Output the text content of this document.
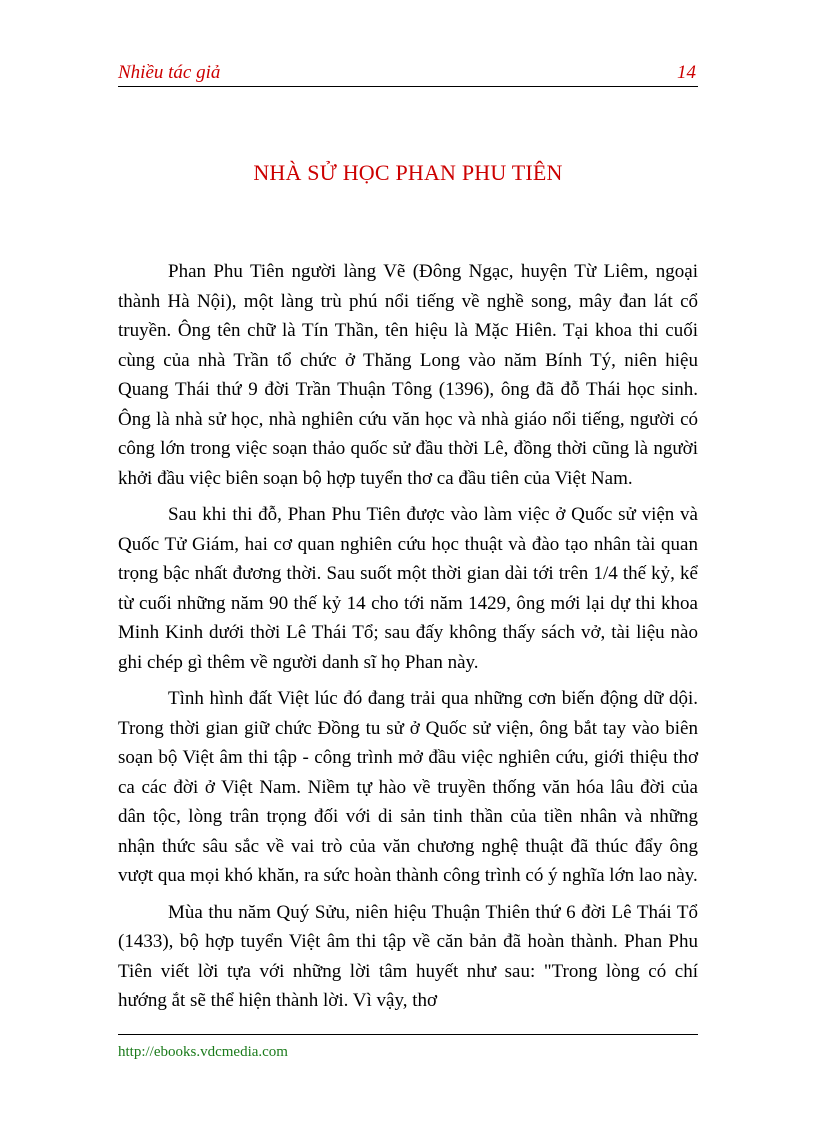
Nhiều tác giả	14
NHÀ SỬ HỌC PHAN PHU TIÊN

Phan Phu Tiên người làng Vẽ (Đông Ngạc, huyện Từ Liêm, ngoại thành Hà Nội), một làng trù phú nổi tiếng về nghề song, mây đan lát cổ truyền. Ông tên chữ là Tín Thần, tên hiệu là Mặc Hiên. Tại khoa thi cuối cùng của nhà Trần tổ chức ở Thăng Long vào năm Bính Tý, niên hiệu Quang Thái thứ 9 đời Trần Thuận Tông (1396), ông đã đỗ Thái học sinh. Ông là nhà sử học, nhà nghiên cứu văn học và nhà giáo nổi tiếng, người có công lớn trong việc soạn thảo quốc sử đầu thời Lê, đồng thời cũng là người khởi đầu việc biên soạn bộ hợp tuyển thơ ca đầu tiên của Việt Nam.

Sau khi thi đỗ, Phan Phu Tiên được vào làm việc ở Quốc sử viện và Quốc Tử Giám, hai cơ quan nghiên cứu học thuật và đào tạo nhân tài quan trọng bậc nhất đương thời. Sau suốt một thời gian dài tới trên 1/4 thế kỷ, kể từ cuối những năm 90 thế kỷ 14 cho tới năm 1429, ông mới lại dự thi khoa Minh Kinh dưới thời Lê Thái Tổ; sau đấy không thấy sách vở, tài liệu nào ghi chép gì thêm về người danh sĩ họ Phan này.

Tình hình đất Việt lúc đó đang trải qua những cơn biến động dữ dội. Trong thời gian giữ chức Đồng tu sử ở Quốc sử viện, ông bắt tay vào biên soạn bộ Việt âm thi tập - công trình mở đầu việc nghiên cứu, giới thiệu thơ ca các đời ở Việt Nam. Niềm tự hào về truyền thống văn hóa lâu đời của dân tộc, lòng trân trọng đối với di sản tinh thần của tiền nhân và những nhận thức sâu sắc về vai trò của văn chương nghệ thuật đã thúc đẩy ông vượt qua mọi khó khăn, ra sức hoàn thành công trình có ý nghĩa lớn lao này.

Mùa thu năm Quý Sửu, niên hiệu Thuận Thiên thứ 6 đời Lê Thái Tổ (1433), bộ hợp tuyển Việt âm thi tập về căn bản đã hoàn thành. Phan Phu Tiên viết lời tựa với những lời tâm huyết như sau: "Trong lòng có chí hướng ắt sẽ thể hiện thành lời. Vì vậy, thơ

http://ebooks.vdcmedia.com
